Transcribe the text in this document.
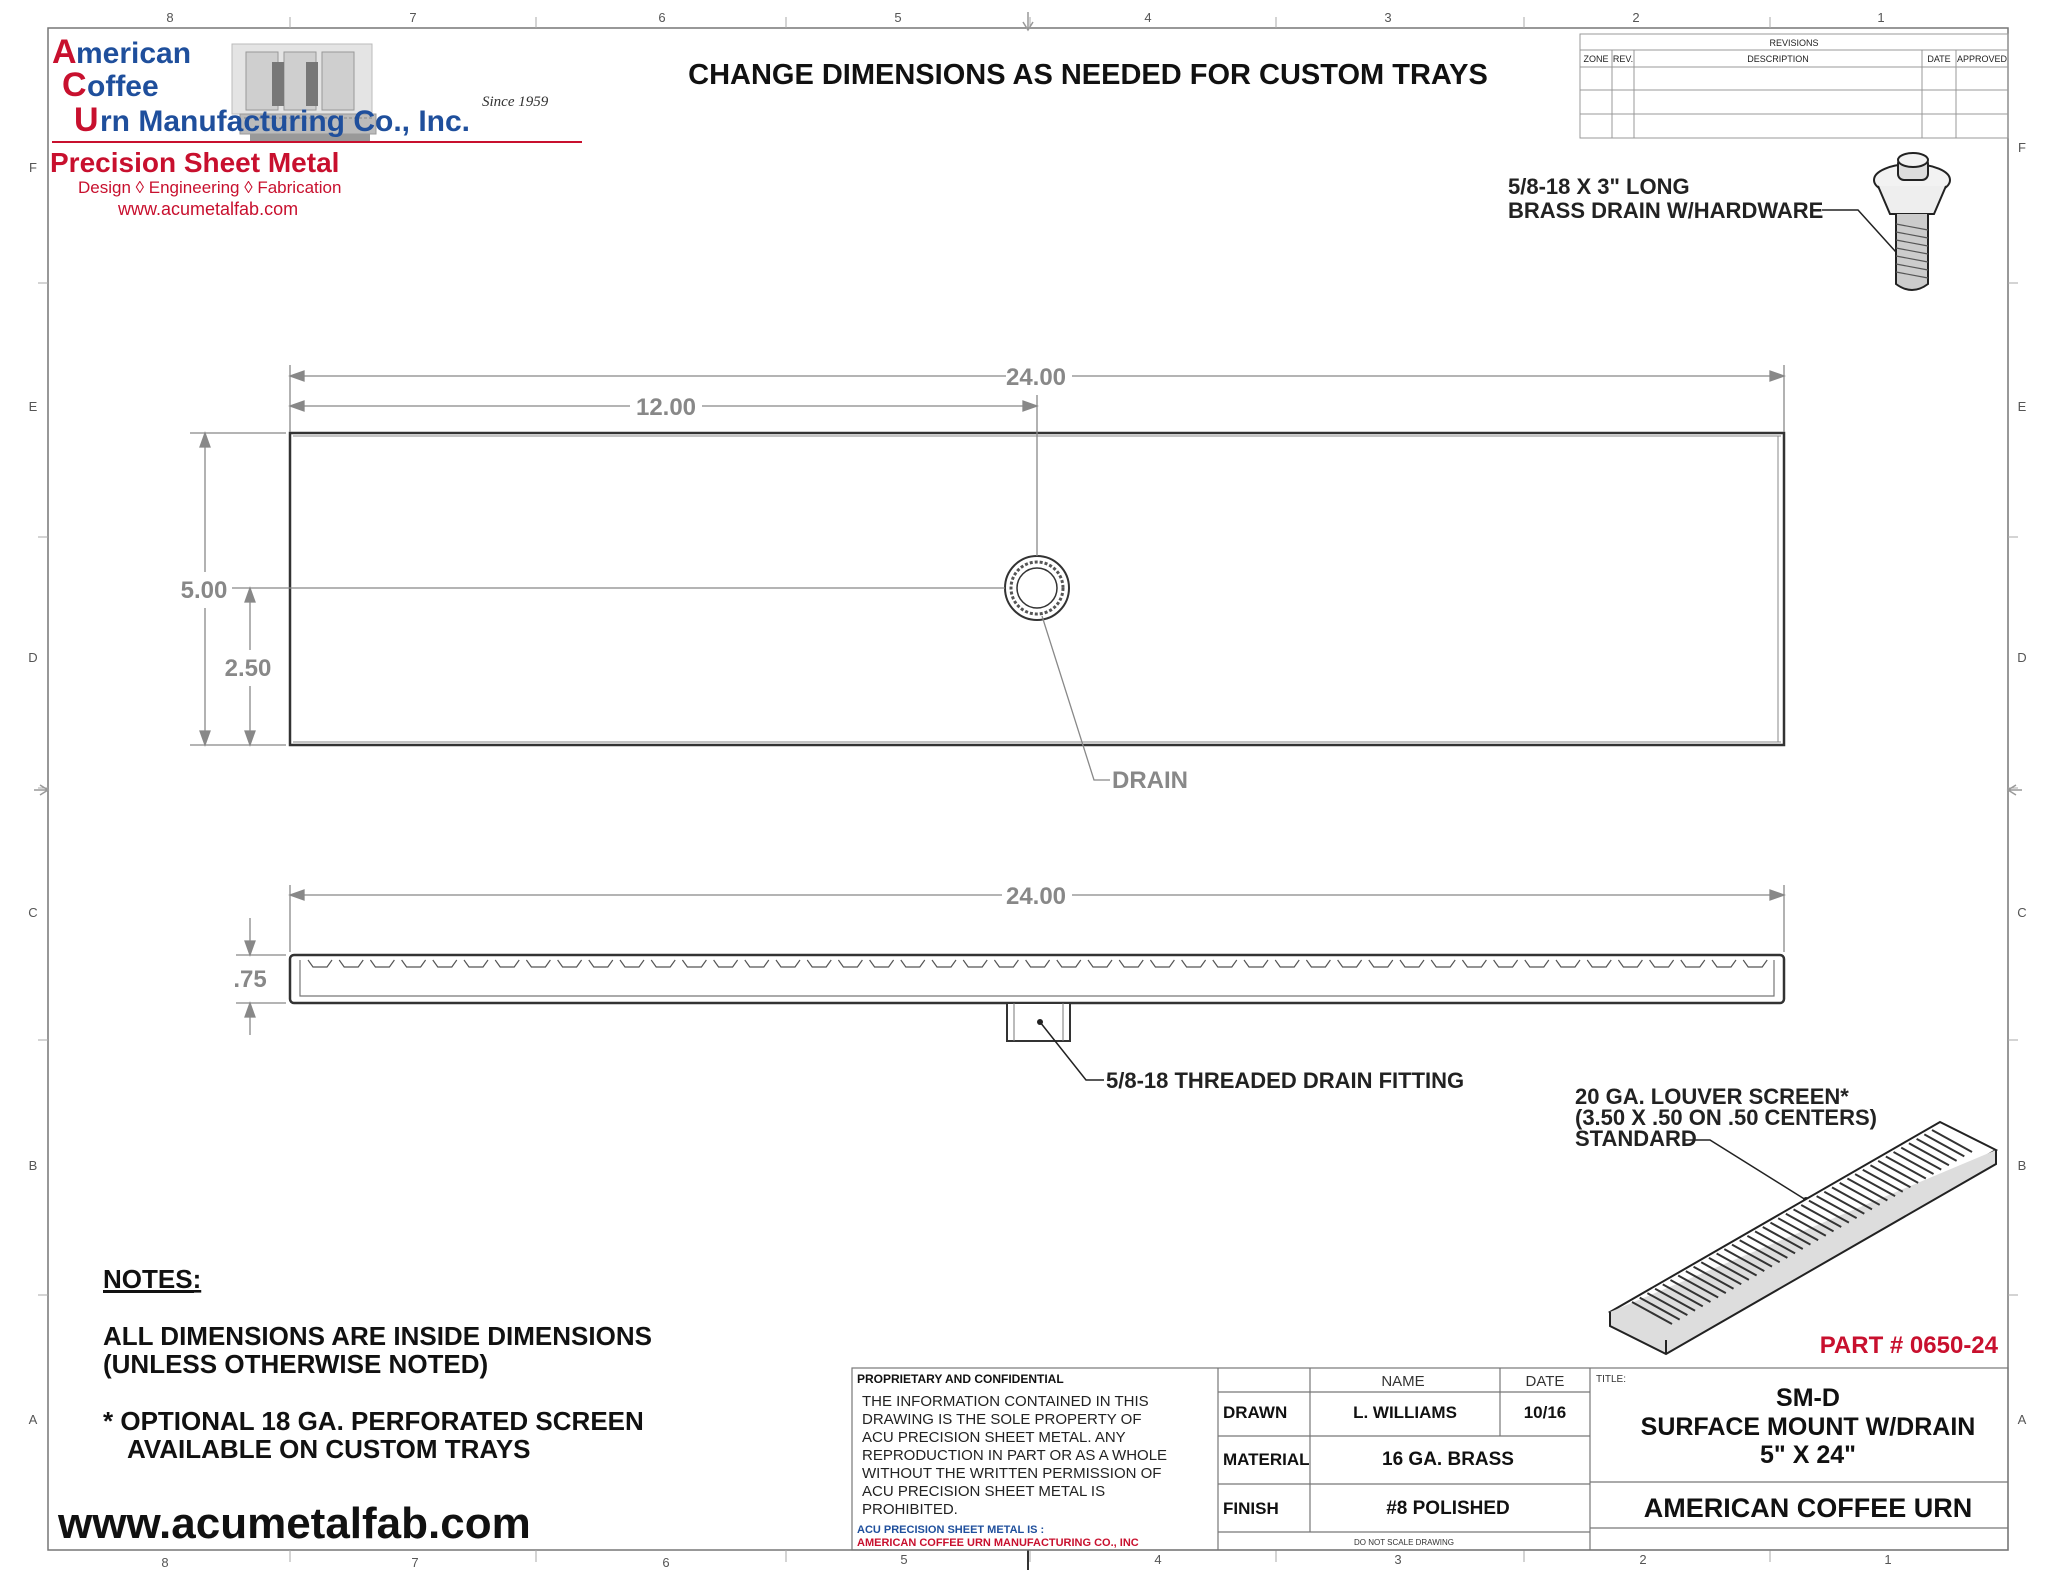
8	7	6	5	4	3	2	1
8	7	6	5	4	3	2	1
F
E
D
C
B
A
F
E
D
C
B
A
A merican
C offee
U rn Manufacturing Co., Inc.
Since 1959
Precision Sheet Metal
Design ◊ Engineering ◊ Fabrication
www.acumetalfab.com
CHANGE DIMENSIONS AS NEEDED FOR CUSTOM TRAYS
REVISIONS
ZONE REV.	DESCRIPTION	DATE APPROVED
5/8-18 X 3" LONG
BRASS DRAIN W/HARDWARE
24.00
12.00
5.00
2.50
DRAIN
24.00
.75
5/8-18 THREADED DRAIN FITTING
20 GA. LOUVER SCREEN*
(3.50 X .50 ON .50 CENTERS)
STANDARD
NOTES:
ALL DIMENSIONS ARE INSIDE DIMENSIONS
(UNLESS OTHERWISE NOTED)
* OPTIONAL 18 GA. PERFORATED SCREEN
AVAILABLE ON CUSTOM TRAYS
www.acumetalfab.com
PART # 0650-24
PROPRIETARY AND CONFIDENTIAL
THE INFORMATION CONTAINED IN THIS
DRAWING IS THE SOLE PROPERTY OF
ACU PRECISION SHEET METAL. ANY
REPRODUCTION IN PART OR AS A WHOLE
WITHOUT THE WRITTEN PERMISSION OF
ACU PRECISION SHEET METAL IS
PROHIBITED.
ACU PRECISION SHEET METAL IS :
AMERICAN COFFEE URN MANUFACTURING CO., INC
NAME	DATE
DRAWN	L. WILLIAMS	10/16
MATERIAL	16 GA. BRASS
FINISH	#8 POLISHED
DO NOT SCALE DRAWING
TITLE:
SM-D
SURFACE MOUNT W/DRAIN
5" X 24"
AMERICAN COFFEE URN
